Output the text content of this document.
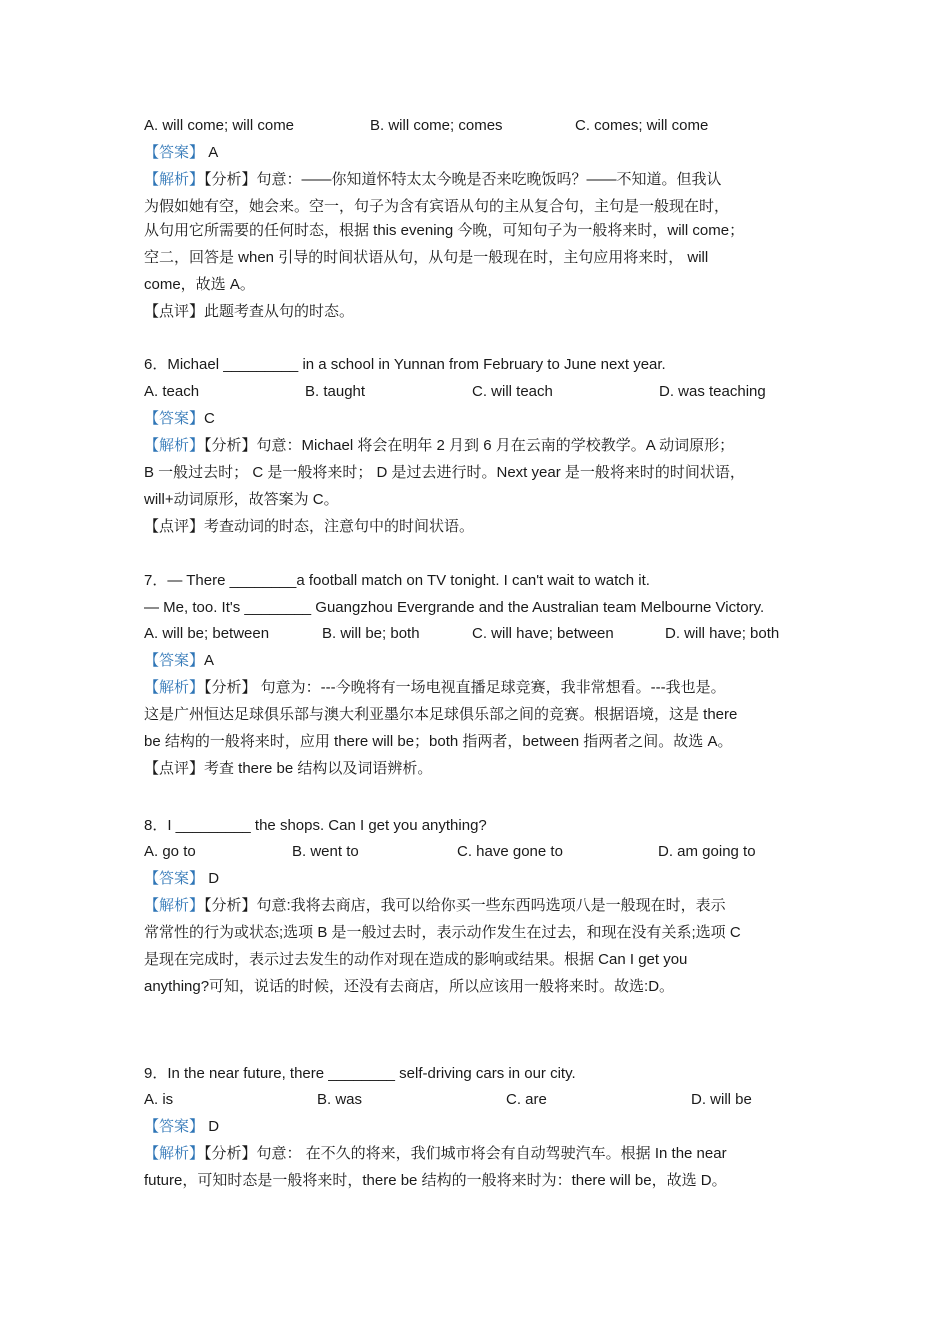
A. will come; will come	B. will come; comes	C. comes; will come
【答案】 A
【解析】【分析】句意：——你知道怀特太太今晚是否来吃晚饭吗？——不知道。但我认
为假如她有空，她会来。空一，句子为含有宾语从句的主从复合句，主句是一般现在时，
从句用它所需要的任何时态，根据 this evening 今晚，可知句子为一般将来时，will come；
空二，回答是 when 引导的时间状语从句，从句是一般现在时，主句应用将来时， will
come，故选 A。
【点评】此题考查从句的时态。
6．Michael _________ in a school in Yunnan from February to June next year.
A. teach	B. taught	C. will teach	D. was teaching
【答案】C
【解析】【分析】句意：Michael 将会在明年 2 月到 6 月在云南的学校教学。A 动词原形；
B 一般过去时； C 是一般将来时； D 是过去进行时。Next year 是一般将来时的时间状语，
will+动词原形，故答案为 C。
【点评】考查动词的时态，注意句中的时间状语。
7．— There ________a football match on TV tonight. I can't wait to watch it.
— Me, too. It's ________ Guangzhou Evergrande and the Australian team Melbourne Victory.
A. will be; between	B. will be; both	C. will have; between	D. will have; both
【答案】A
【解析】【分析】 句意为：---今晚将有一场电视直播足球竞赛，我非常想看。---我也是。
这是广州恒达足球俱乐部与澳大利亚墨尔本足球俱乐部之间的竞赛。根据语境，这是 there
be 结构的一般将来时，应用 there will be；both 指两者，between 指两者之间。故选 A。
【点评】考查 there be 结构以及词语辨析。
8．I _________ the shops. Can I get you anything?
A. go to	B. went to	C. have gone to	D. am going to
【答案】 D
【解析】【分析】句意:我将去商店，我可以给你买一些东西吗选项八是一般现在时，表示
常常性的行为或状态;选项 B 是一般过去时，表示动作发生在过去，和现在没有关系;选项 C
是现在完成时，表示过去发生的动作对现在造成的影响或结果。根据 Can I get you
anything?可知，说话的时候，还没有去商店，所以应该用一般将来时。故选:D。
9．In the near future, there ________ self-driving cars in our city.
A. is	B. was	C. are	D. will be
【答案】 D
【解析】【分析】句意： 在不久的将来，我们城市将会有自动驾驶汽车。根据 In the near
future，可知时态是一般将来时，there be 结构的一般将来时为：there will be，故选 D。
